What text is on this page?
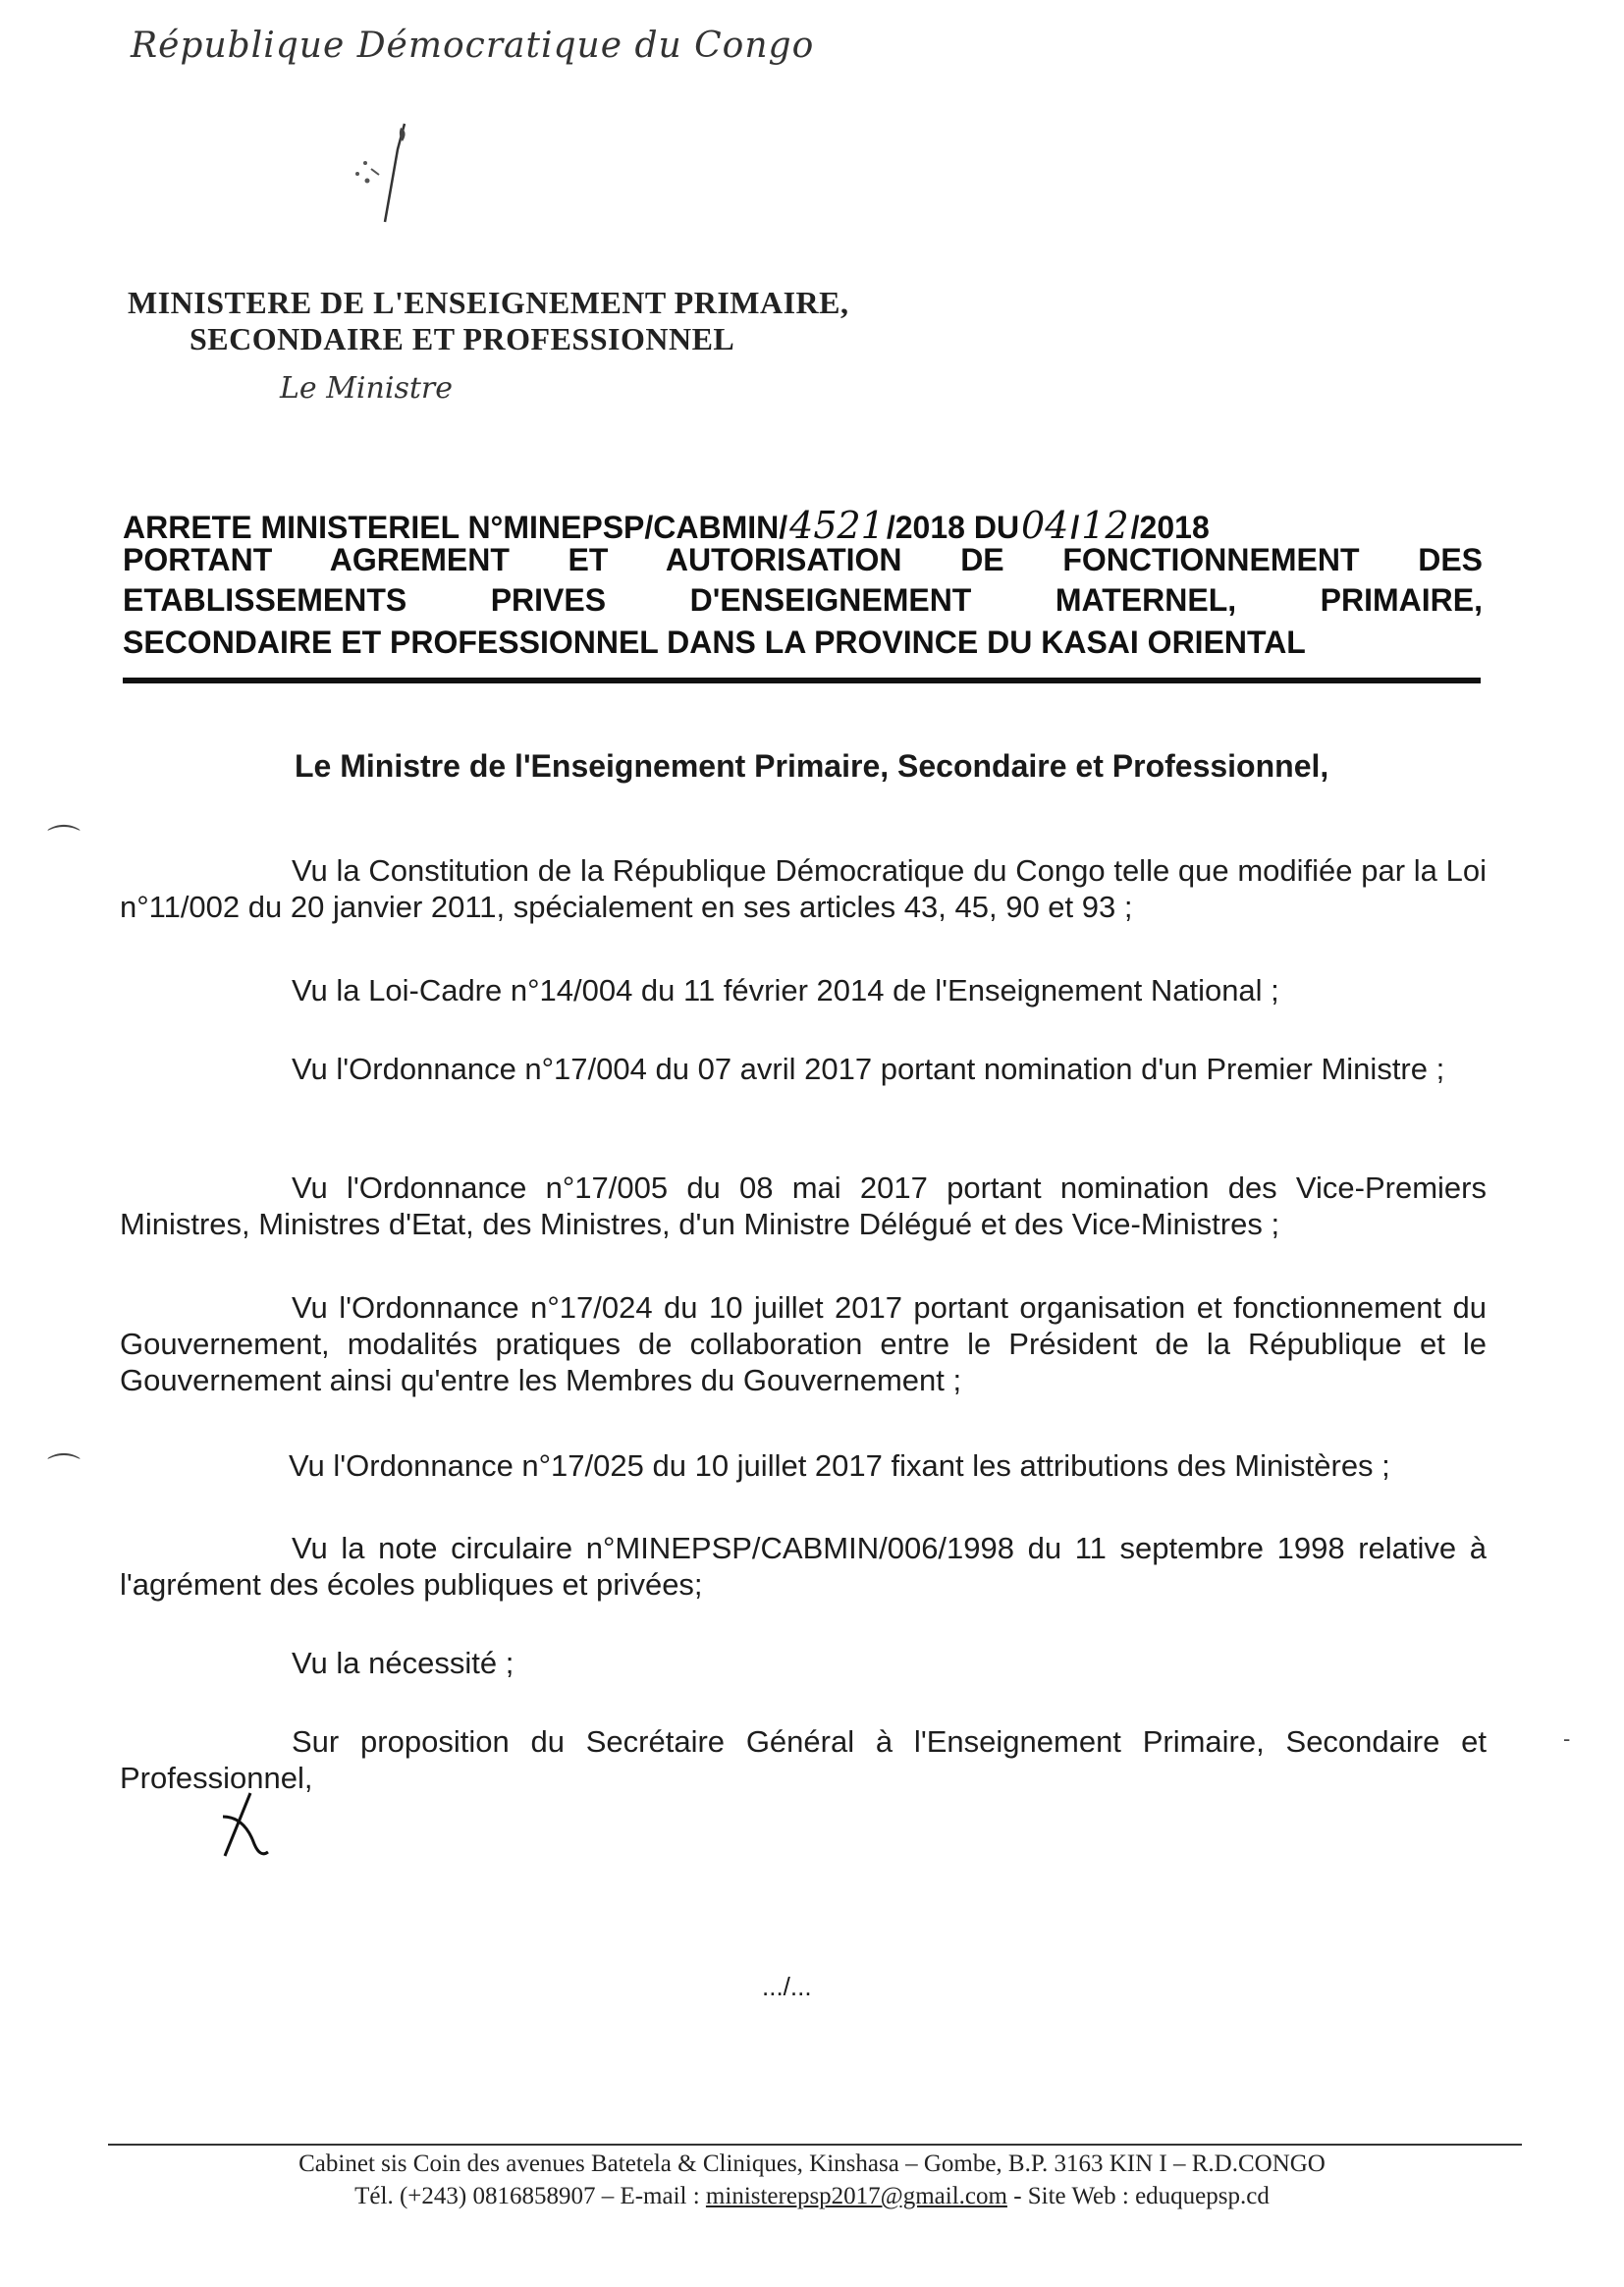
République Démocratique du Congo
MINISTERE DE L'ENSEIGNEMENT PRIMAIRE,
SECONDAIRE ET PROFESSIONNEL
Le Ministre
ARRETE MINISTERIEL N°MINEPSP/CABMIN/ 4521 /2018 DU 04 / 12 /2018
PORTANT AGREMENT ET AUTORISATION DE FONCTIONNEMENT DES
ETABLISSEMENTS PRIVES D'ENSEIGNEMENT MATERNEL, PRIMAIRE,
SECONDAIRE ET PROFESSIONNEL DANS LA PROVINCE DU KASAI ORIENTAL
Le Ministre de l'Enseignement Primaire, Secondaire et Professionnel,
Vu la Constitution de la République Démocratique du Congo telle que modifiée par la Loi n°11/002 du 20 janvier 2011, spécialement en ses articles 43, 45, 90 et 93 ;
Vu la Loi-Cadre n°14/004 du 11 février 2014 de l'Enseignement National ;
Vu l'Ordonnance n°17/004 du 07 avril 2017 portant nomination d'un Premier Ministre ;
Vu l'Ordonnance n°17/005 du 08 mai 2017 portant nomination des Vice-Premiers Ministres, Ministres d'Etat, des Ministres, d'un Ministre Délégué et des Vice-Ministres ;
Vu l'Ordonnance n°17/024 du 10 juillet 2017 portant organisation et fonctionnement du Gouvernement, modalités pratiques de collaboration entre le Président de la République et le Gouvernement ainsi qu'entre les Membres du Gouvernement ;
Vu l'Ordonnance n°17/025 du 10 juillet 2017 fixant les attributions des Ministères ;
Vu la note circulaire n°MINEPSP/CABMIN/006/1998 du 11 septembre 1998 relative à l'agrément des écoles publiques et privées;
Vu la nécessité ;
Sur proposition du Secrétaire Général à l'Enseignement Primaire, Secondaire et Professionnel,
⌒
⌒
-
.../...
Cabinet sis Coin des avenues Batetela & Cliniques, Kinshasa – Gombe, B.P. 3163 KIN I – R.D.CONGO
Tél. (+243) 0816858907 – E-mail : ministerepsp2017@gmail.com - Site Web : eduquepsp.cd
